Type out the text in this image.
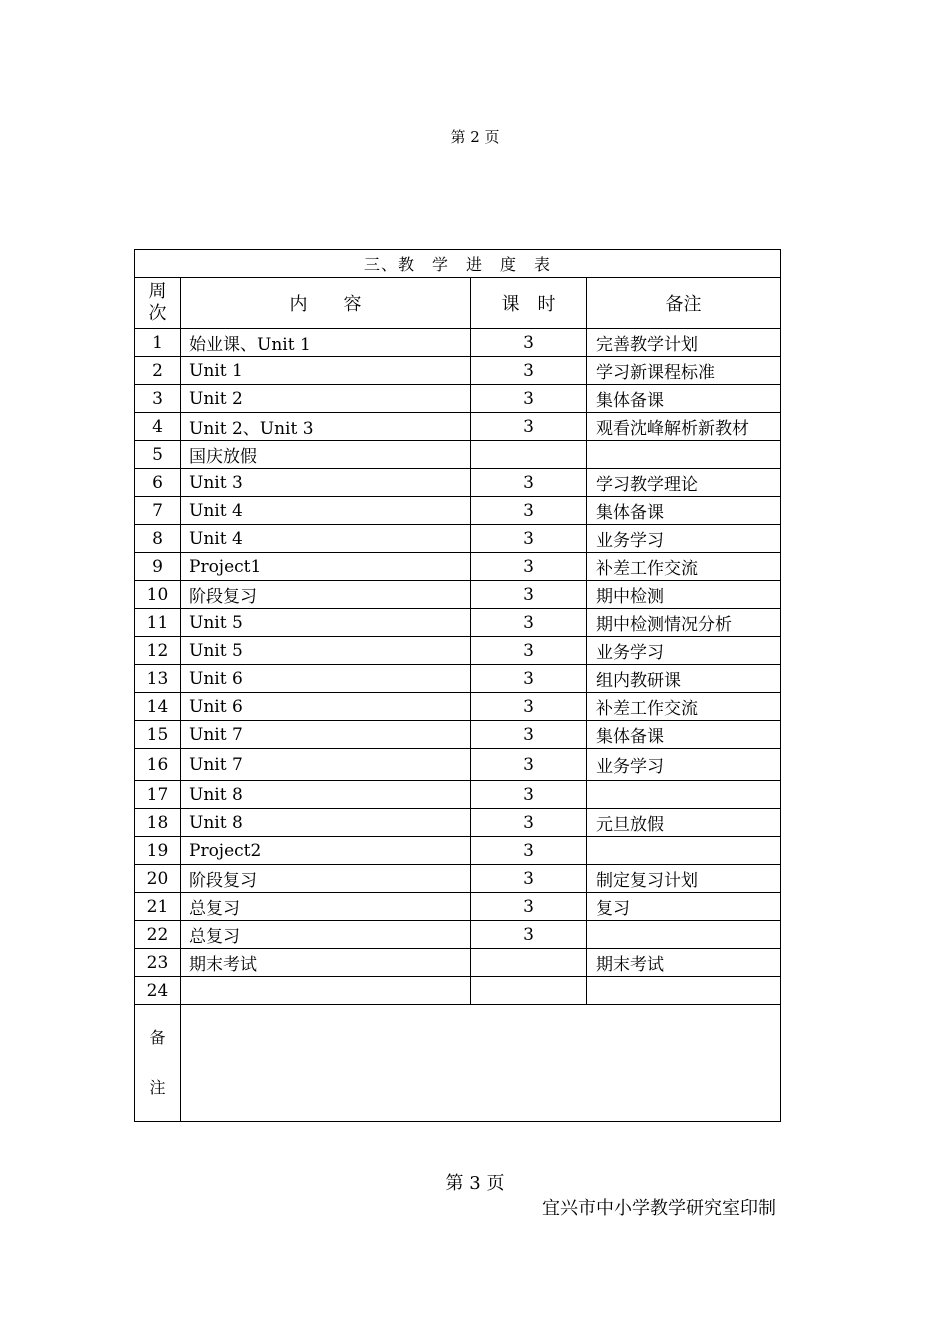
第 2 页
三、教　学　进　度　表			
周
次	内　　容	课　时	备注
1	始业课、Unit 1	3	完善教学计划
2	Unit 1	3	学习新课程标准
3	Unit 2	3	集体备课
4	Unit 2、Unit 3	3	观看沈峰解析新教材
5	国庆放假		
6	Unit 3	3	学习教学理论
7	Unit 4	3	集体备课
8	Unit 4	3	业务学习
9	Project1	3	补差工作交流
10	阶段复习	3	期中检测
11	Unit 5	3	期中检测情况分析
12	Unit 5	3	业务学习
13	Unit 6	3	组内教研课
14	Unit 6	3	补差工作交流
15	Unit 7	3	集体备课
16	Unit 7	3	业务学习
17	Unit 8	3	
18	Unit 8	3	元旦放假
19	Project2	3	
20	阶段复习	3	制定复习计划
21	总复习	3	复习
22	总复习	3	
23	期末考试		期末考试
24			
备
注			
第 3 页
宜兴市中小学教学研究室印制
